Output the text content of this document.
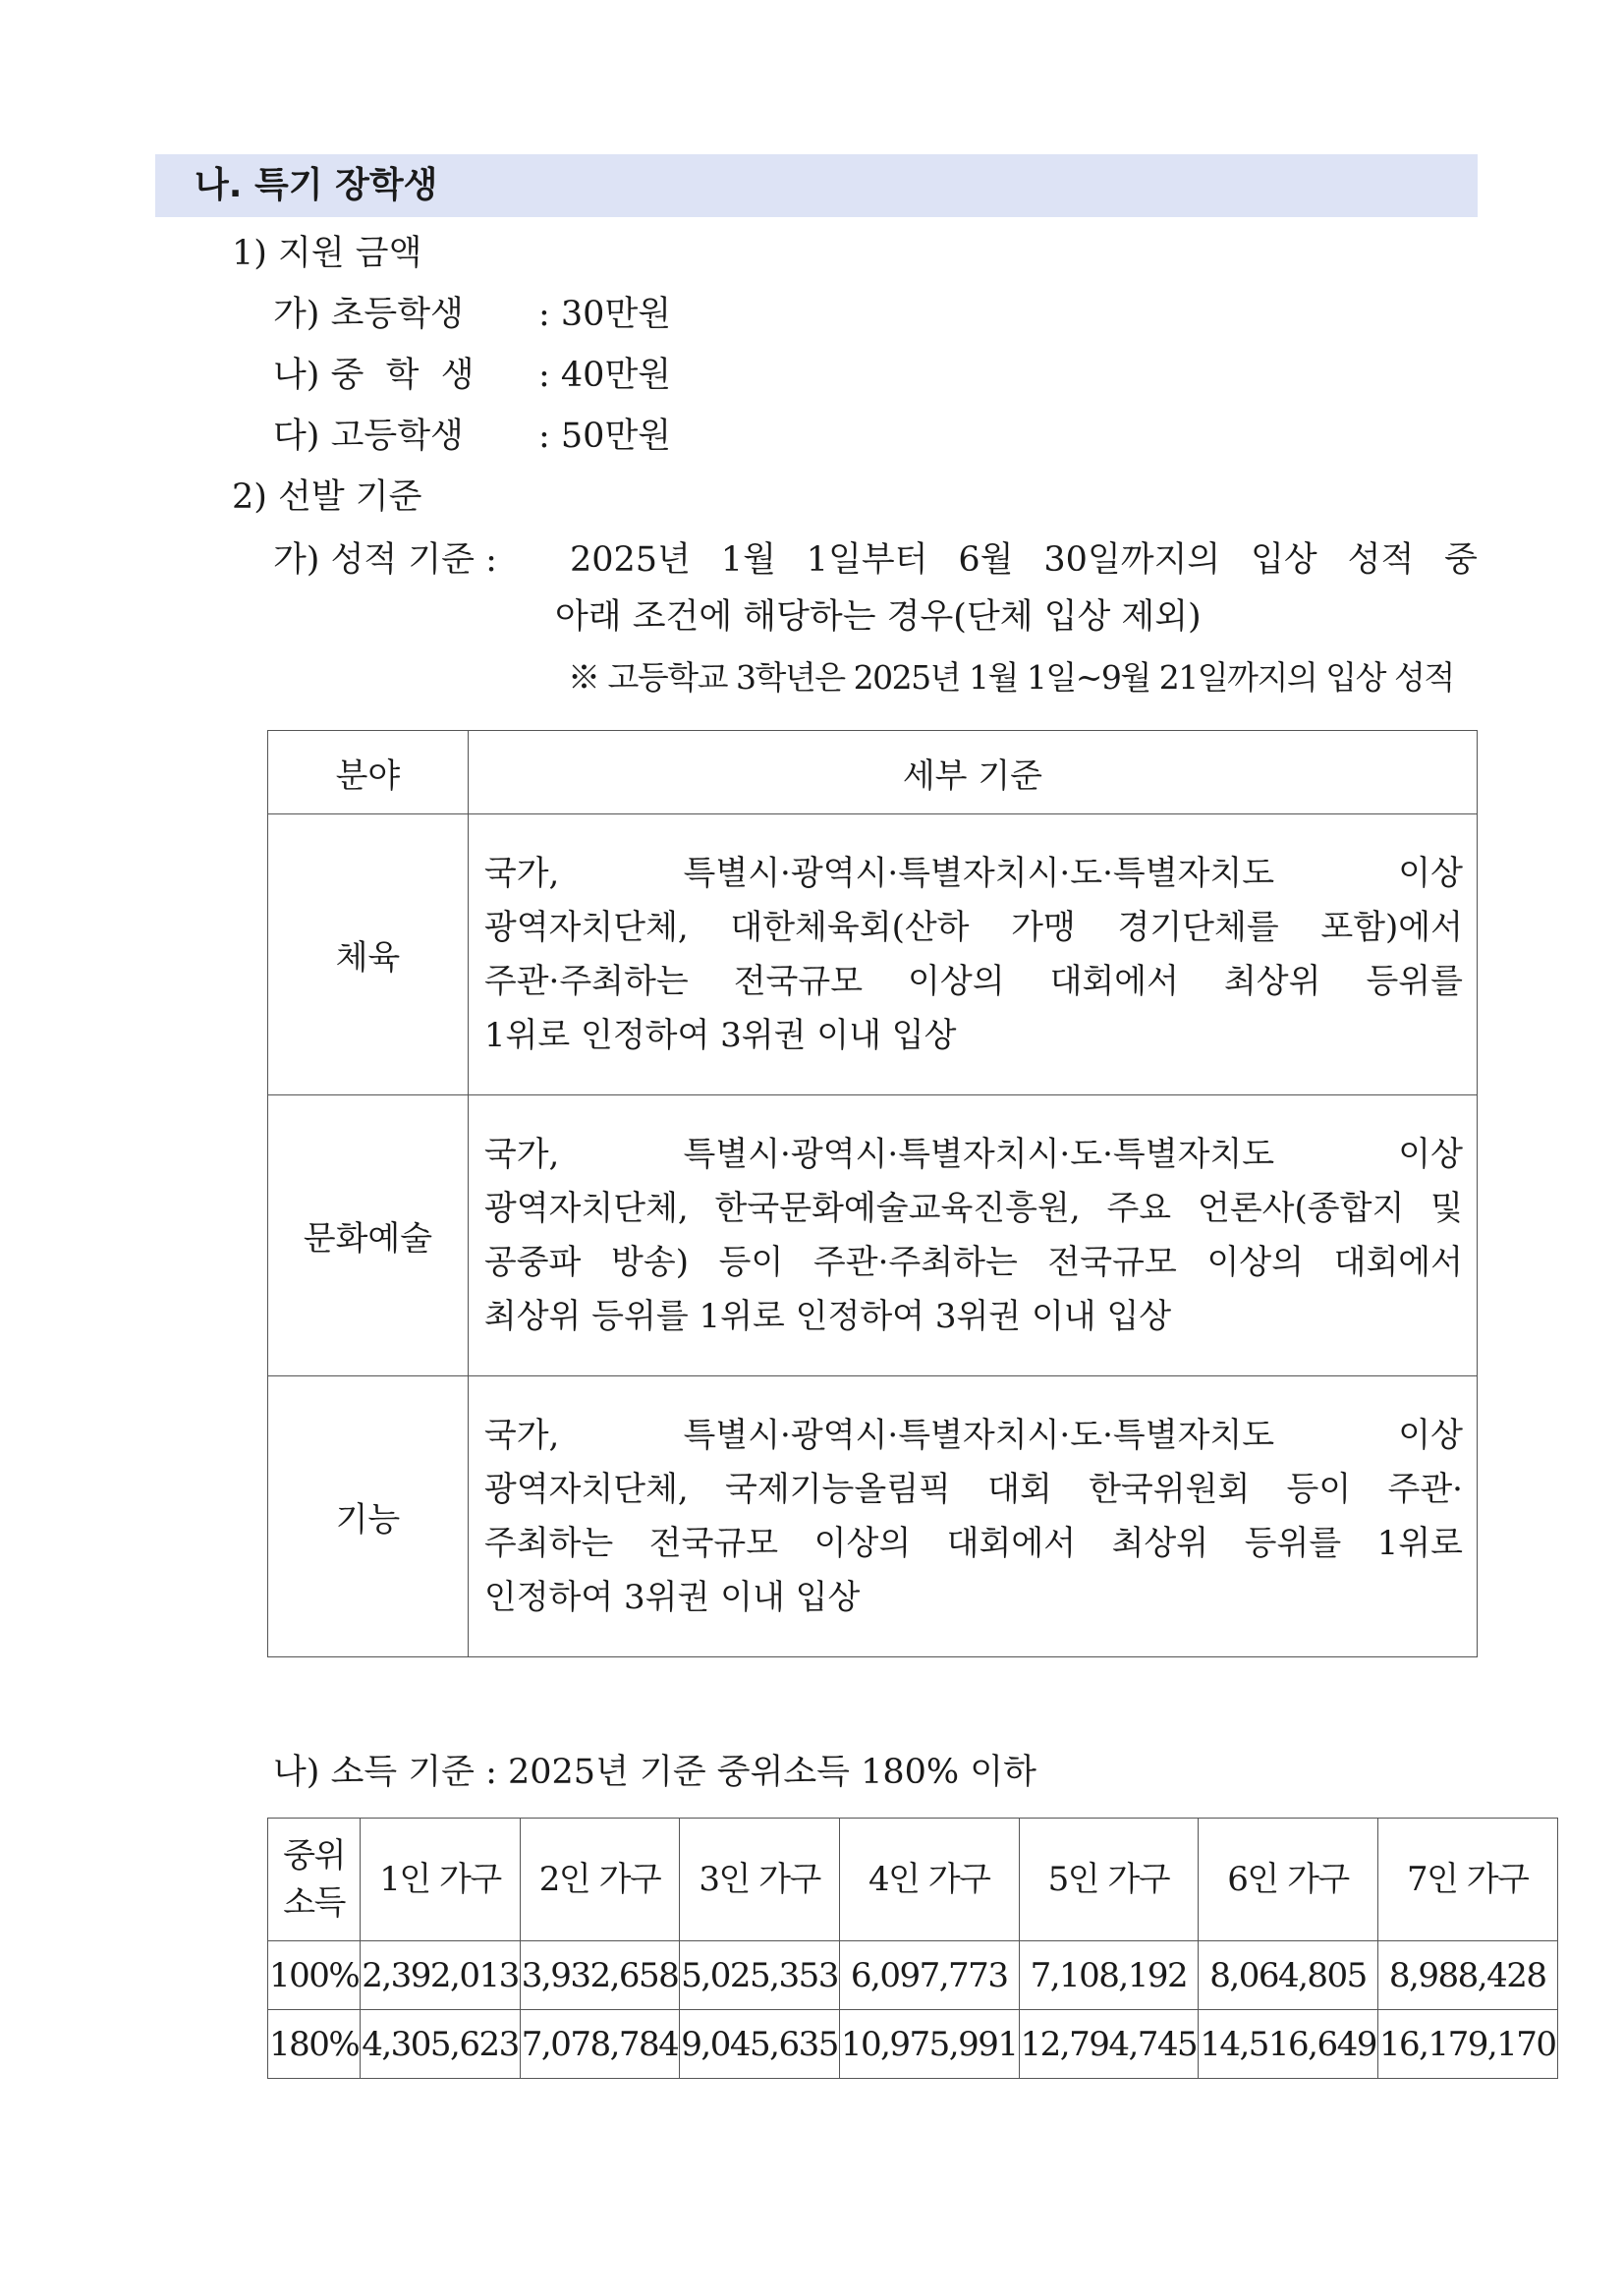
나. 특기 장학생
1) 지원 금액
가) 초등학생 : 30만원
나) 중  학  생 : 40만원
다) 고등학생 : 50만원
2) 선발 기준
가) 성적 기준 : 2025년 1월 1일부터 6월 30일까지의 입상 성적 중
아래 조건에 해당하는 경우(단체 입상 제외)
※ 고등학교 3학년은 2025년 1월 1일~9월 21일까지의 입상 성적
분야	세부 기준
체육	국가, 특별시·광역시·특별자치시·도·특별자치도 이상
광역자치단체, 대한체육회(산하 가맹 경기단체를 포함)에서
주관·주최하는 전국규모 이상의 대회에서 최상위 등위를
1위로 인정하여 3위권 이내 입상

문화예술	국가, 특별시·광역시·특별자치시·도·특별자치도 이상
광역자치단체, 한국문화예술교육진흥원, 주요 언론사(종합지 및
공중파 방송) 등이 주관·주최하는 전국규모 이상의 대회에서
최상위 등위를 1위로 인정하여 3위권 이내 입상

기능	국가, 특별시·광역시·특별자치시·도·특별자치도 이상
광역자치단체, 국제기능올림픽 대회 한국위원회 등이 주관·
주최하는 전국규모 이상의 대회에서 최상위 등위를 1위로
인정하여 3위권 이내 입상
나) 소득 기준 : 2025년 기준 중위소득 180% 이하
중위
소득	1인 가구	2인 가구	3인 가구	4인 가구	5인 가구	6인 가구	7인 가구
100%	2,392,013	3,932,658	5,025,353	6,097,773	7,108,192	8,064,805	8,988,428
180%	4,305,623	7,078,784	9,045,635	10,975,991	12,794,745	14,516,649	16,179,170
